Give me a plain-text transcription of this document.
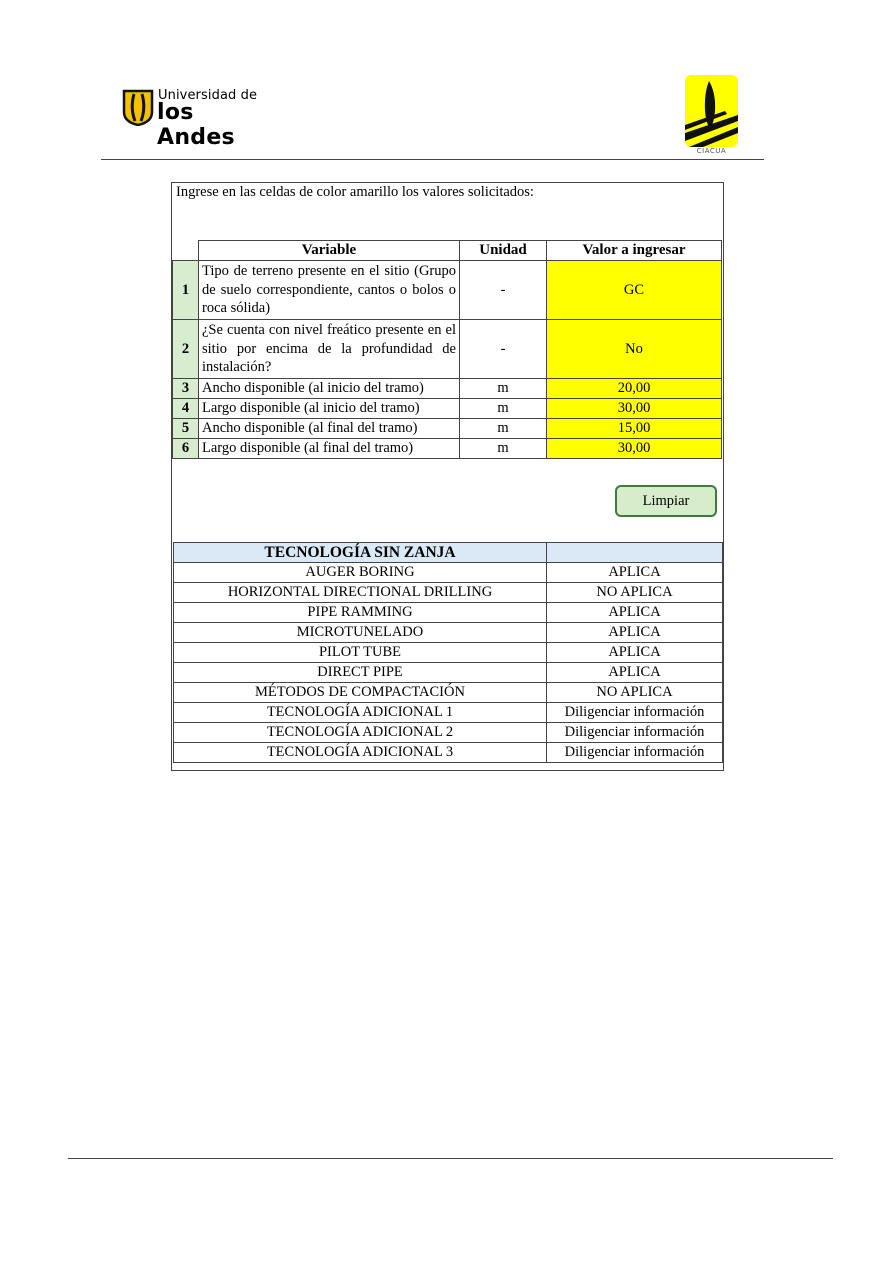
Universidad de
los Andes
CIACUA
Ingrese en las celdas de color amarillo los valores solicitados:
	Variable	Unidad	Valor a ingresar
1	Tipo de terreno presente en el sitio (Grupo de suelo correspondiente, cantos o bolos o roca sólida)	-	GC
2	¿Se cuenta con nivel freático presente en el sitio por encima de la profundidad de instalación?	-	No
3	Ancho disponible (al inicio del tramo)	m	20,00
4	Largo disponible (al inicio del tramo)	m	30,00
5	Ancho disponible (al final del tramo)	m	15,00
6	Largo disponible (al final del tramo)	m	30,00
Limpiar
TECNOLOGÍA SIN ZANJA	
AUGER BORING	APLICA
HORIZONTAL DIRECTIONAL DRILLING	NO APLICA
PIPE RAMMING	APLICA
MICROTUNELADO	APLICA
PILOT TUBE	APLICA
DIRECT PIPE	APLICA
MÉTODOS DE COMPACTACIÓN	NO APLICA
TECNOLOGÍA ADICIONAL 1	Diligenciar información
TECNOLOGÍA ADICIONAL 2	Diligenciar información
TECNOLOGÍA ADICIONAL 3	Diligenciar información
